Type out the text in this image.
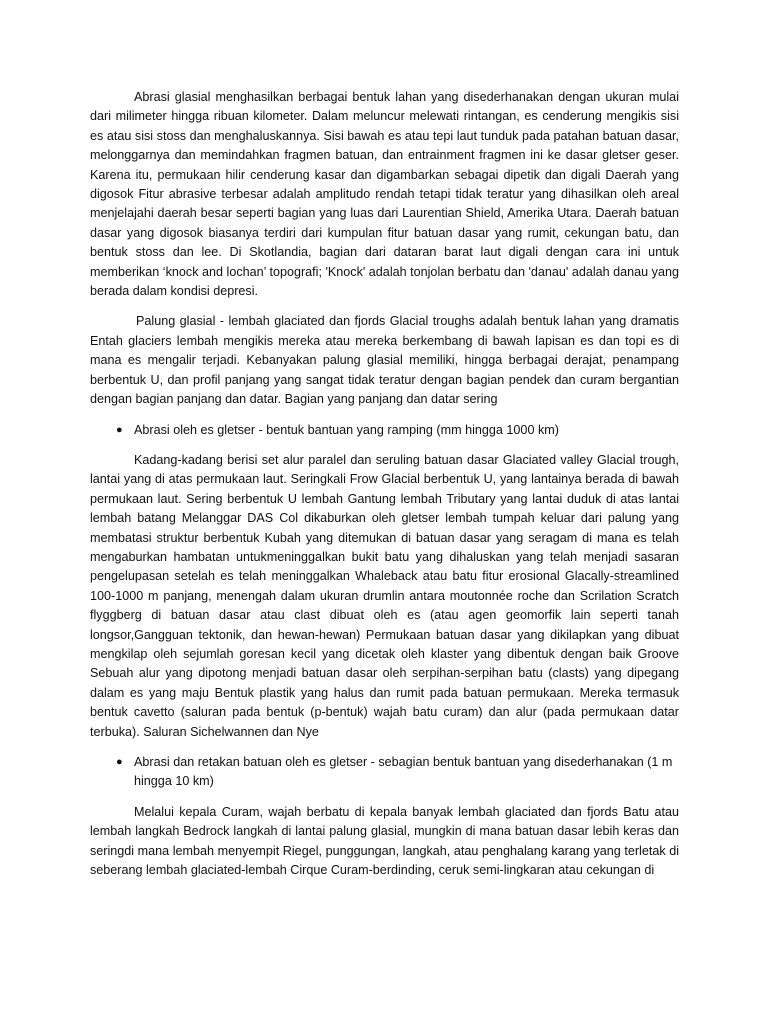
Abrasi glasial menghasilkan berbagai bentuk lahan yang disederhanakan dengan ukuran mulai dari milimeter hingga ribuan kilometer. Dalam meluncur melewati rintangan, es cenderung mengikis sisi es atau sisi stoss dan menghaluskannya. Sisi bawah es atau tepi laut tunduk pada patahan batuan dasar, melonggarnya dan memindahkan fragmen batuan, dan entrainment fragmen ini ke dasar gletser geser. Karena itu, permukaan hilir cenderung kasar dan digambarkan sebagai dipetik dan digali Daerah yang digosok Fitur abrasive terbesar adalah amplitudo rendah tetapi tidak teratur yang dihasilkan oleh areal menjelajahi daerah besar seperti bagian yang luas dari Laurentian Shield, Amerika Utara. Daerah batuan dasar yang digosok biasanya terdiri dari kumpulan fitur batuan dasar yang rumit, cekungan batu, dan bentuk stoss dan lee. Di Skotlandia, bagian dari dataran barat laut digali dengan cara ini untuk memberikan ‘knock and lochan’ topografi; 'Knock' adalah tonjolan berbatu dan 'danau' adalah danau yang berada dalam kondisi depresi.

Palung glasial - lembah glaciated dan fjords Glacial troughs adalah bentuk lahan yang dramatis Entah glaciers lembah mengikis mereka atau mereka berkembang di bawah lapisan es dan topi es di mana es mengalir terjadi. Kebanyakan palung glasial memiliki, hingga berbagai derajat, penampang berbentuk U, dan profil panjang yang sangat tidak teratur dengan bagian pendek dan curam bergantian dengan bagian panjang dan datar. Bagian yang panjang dan datar sering

● Abrasi oleh es gletser - bentuk bantuan yang ramping (mm hingga 1000 km)

Kadang-kadang berisi set alur paralel dan seruling batuan dasar Glaciated valley Glacial trough, lantai yang di atas permukaan laut. Seringkali Frow Glacial berbentuk U, yang lantainya berada di bawah permukaan laut. Sering berbentuk U lembah Gantung lembah Tributary yang lantai duduk di atas lantai lembah batang Melanggar DAS Col dikaburkan oleh gletser lembah tumpah keluar dari palung yang membatasi struktur berbentuk Kubah yang ditemukan di batuan dasar yang seragam di mana es telah mengaburkan hambatan untukmeninggalkan bukit batu yang dihaluskan yang telah menjadi sasaran pengelupasan setelah es telah meninggalkan Whaleback atau batu fitur erosional Glacally-streamlined 100-1000 m panjang, menengah dalam ukuran drumlin antara moutonnée roche dan Scrilation Scratch flyggberg di batuan dasar atau clast dibuat oleh es (atau agen geomorfik lain seperti tanah longsor,Gangguan tektonik, dan hewan-hewan) Permukaan batuan dasar yang dikilapkan yang dibuat mengkilap oleh sejumlah goresan kecil yang dicetak oleh klaster yang dibentuk dengan baik Groove Sebuah alur yang dipotong menjadi batuan dasar oleh serpihan-serpihan batu (clasts) yang dipegang dalam es yang maju Bentuk plastik yang halus dan rumit pada batuan permukaan. Mereka termasuk bentuk cavetto (saluran pada bentuk (p-bentuk) wajah batu curam) dan alur (pada permukaan datar terbuka). Saluran Sichelwannen dan Nye

● Abrasi dan retakan batuan oleh es gletser - sebagian bentuk bantuan yang disederhanakan (1 m hingga 10 km)

Melalui kepala Curam, wajah berbatu di kepala banyak lembah glaciated dan fjords Batu atau lembah langkah Bedrock langkah di lantai palung glasial, mungkin di mana batuan dasar lebih keras dan seringdi mana lembah menyempit Riegel, punggungan, langkah, atau penghalang karang yang terletak di seberang lembah glaciated-lembah Cirque Curam-berdinding, ceruk semi-lingkaran atau cekungan di
